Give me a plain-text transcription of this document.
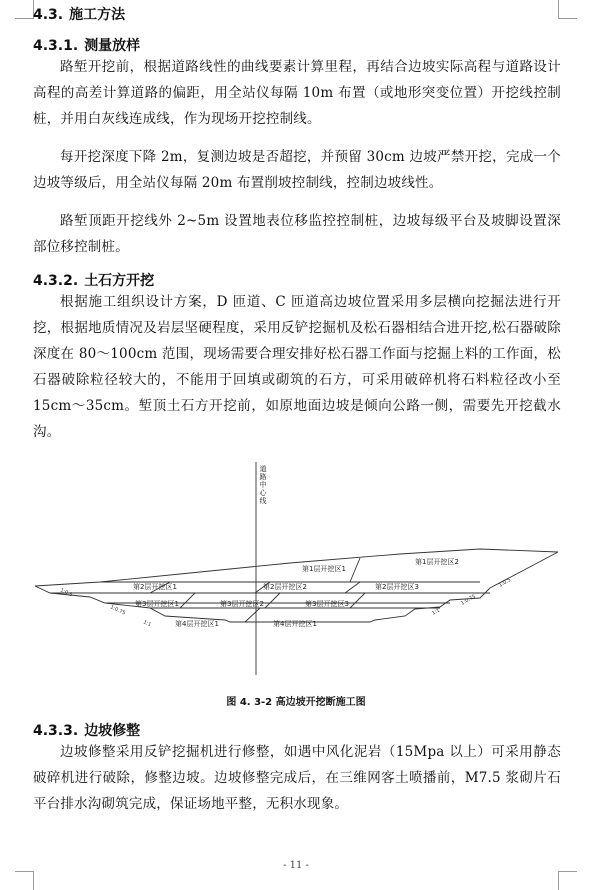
4.3. 施工方法
4.3.1. 测量放样

路堑开挖前，根据道路线性的曲线要素计算里程，再结合边坡实际高程与道路设计高程的高差计算道路的偏距，用全站仪每隔 10m 布置（或地形突变位置）开挖线控制桩，并用白灰线连成线，作为现场开挖控制线。

每开挖深度下降 2m，复测边坡是否超挖，并预留 30cm 边坡严禁开挖，完成一个边坡等级后，用全站仪每隔 20m 布置削坡控制线，控制边坡线性。

路堑顶距开挖线外 2~5m 设置地表位移监控控制桩，边坡每级平台及坡脚设置深部位移控制桩。

4.3.2. 土石方开挖

根据施工组织设计方案，D 匝道、C 匝道高边坡位置采用多层横向挖掘法进行开挖，根据地质情况及岩层坚硬程度，采用反铲挖掘机及松石器相结合进开挖,松石器破除深度在 80～100cm 范围，现场需要合理安排好松石器工作面与挖掘上料的工作面，松石器破除粒径较大的，不能用于回填或砌筑的石方，可采用破碎机将石料粒径改小至 15cm～35cm。堑顶土石方开挖前，如原地面边坡是倾向公路一侧，需要先开挖截水沟。

第1层开挖区1
第1层开挖区2
第2层开挖区1	第2层开挖区2	第2层开挖区3
第3层开挖区1	第3层开挖区2	第3层开挖区3
第4层开挖区1	第4层开挖区1
1:0.5
1:0.75
1:1
1:1
1:0.75
1:0.5
道路中心线
图 4. 3-2 高边坡开挖断施工图
4.3.3. 边坡修整

边坡修整采用反铲挖掘机进行修整，如遇中风化泥岩（15Mpa 以上）可采用静态破碎机进行破除，修整边坡。边坡修整完成后，在三维网客土喷播前，M7.5 浆砌片石平台排水沟砌筑完成，保证场地平整，无积水现象。

- 11 -
